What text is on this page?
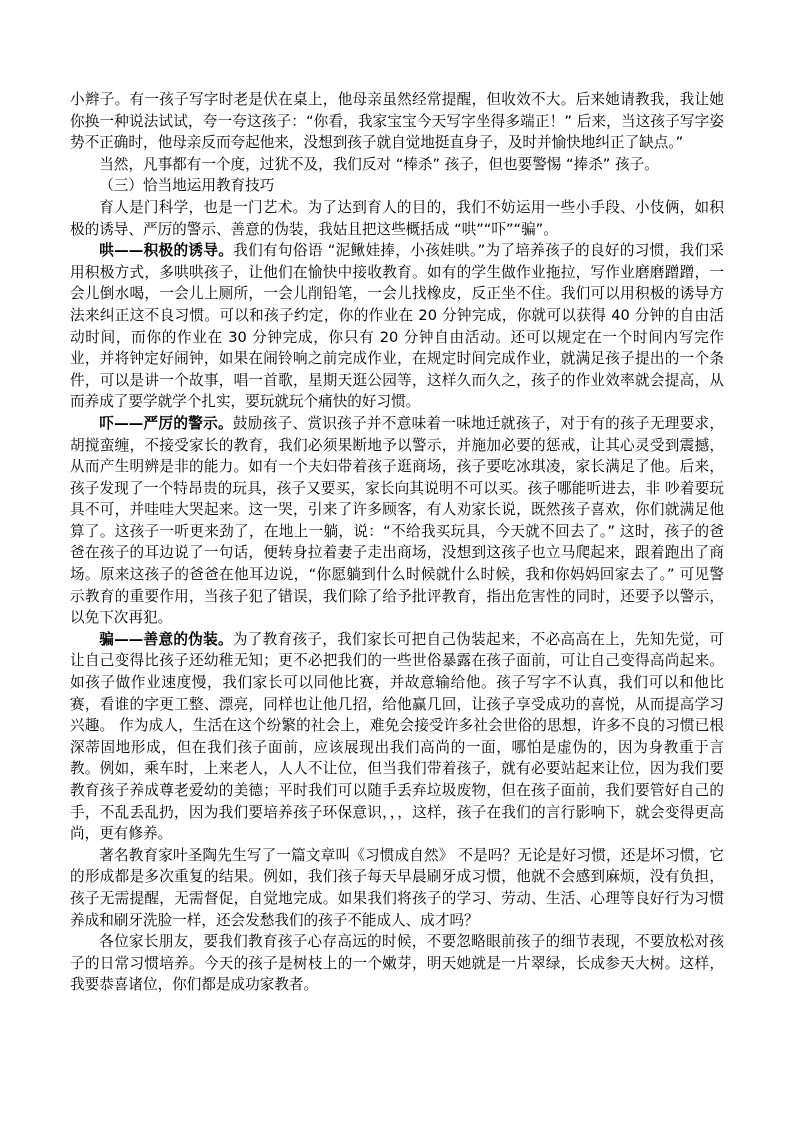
小辫子。有一孩子写字时老是伏在桌上，他母亲虽然经常提醒，但收效不大。后来她请教我，我让她你换一种说法试试，夸一夸这孩子：“你看，我家宝宝今天写字坐得多端正！” 后来，当这孩子写字姿势不正确时，他母亲反而夸起他来，没想到孩子就自觉地挺直身子，及时并愉快地纠正了缺点。”

当然，凡事都有一个度，过犹不及，我们反对 “棒杀” 孩子，但也要警惕 “捧杀” 孩子。

（三）恰当地运用教育技巧

育人是门科学，也是一门艺术。为了达到育人的目的，我们不妨运用一些小手段、小伎俩，如积极的诱导、严厉的警示、善意的伪装，我姑且把这些概括成 “哄”“吓”“骗”。

哄——积极的诱导。我们有句俗语 “泥鳅娃捧，小孩娃哄。”为了培养孩子的良好的习惯，我们采用积极方式，多哄哄孩子，让他们在愉快中接收教育。如有的学生做作业拖拉，写作业磨磨蹭蹭，一会儿倒水喝，一会儿上厕所，一会儿削铅笔，一会儿找橡皮，反正坐不住。我们可以用积极的诱导方法来纠正这不良习惯。可以和孩子约定，你的作业在 20 分钟完成，你就可以获得 40 分钟的自由活动时间，而你的作业在 30 分钟完成，你只有 20 分钟自由活动。还可以规定在一个时间内写完作业，并将钟定好闹钟，如果在闹铃响之前完成作业，在规定时间完成作业，就满足孩子提出的一个条件，可以是讲一个故事，唱一首歌，星期天逛公园等，这样久而久之，孩子的作业效率就会提高，从而养成了要学就学个扎实，要玩就玩个痛快的好习惯。

吓——严厉的警示。鼓励孩子、赏识孩子并不意味着一味地迁就孩子，对于有的孩子无理要求，胡搅蛮缠，不接受家长的教育，我们必须果断地予以警示，并施加必要的惩戒，让其心灵受到震撼，从而产生明辨是非的能力。如有一个夫妇带着孩子逛商场，孩子要吃冰琪凌，家长满足了他。后来，孩子发现了一个特昂贵的玩具，孩子又要买，家长向其说明不可以买。孩子哪能听进去，非 吵着要玩具不可，并哇哇大哭起来。这一哭，引来了许多顾客，有人劝家长说，既然孩子喜欢，你们就满足他算了。这孩子一听更来劲了，在地上一躺，说：“不给我买玩具，今天就不回去了。” 这时，孩子的爸爸在孩子的耳边说了一句话，便转身拉着妻子走出商场，没想到这孩子也立马爬起来，跟着跑出了商场。原来这孩子的爸爸在他耳边说，“你愿躺到什么时候就什么时候，我和你妈妈回家去了。” 可见警示教育的重要作用，当孩子犯了错误，我们除了给予批评教育，指出危害性的同时，还要予以警示，以免下次再犯。

骗——善意的伪装。为了教育孩子，我们家长可把自己伪装起来，不必高高在上，先知先觉，可让自己变得比孩子还幼稚无知；更不必把我们的一些世俗暴露在孩子面前，可让自己变得高尚起来。如孩子做作业速度慢，我们家长可以同他比赛，并故意输给他。孩子写字不认真，我们可以和他比赛，看谁的字更工整、漂亮，同样也让他几招，给他赢几回，让孩子享受成功的喜悦，从而提高学习兴趣。 作为成人，生活在这个纷繁的社会上，难免会接受许多社会世俗的思想，许多不良的习惯已根深蒂固地形成，但在我们孩子面前，应该展现出我们高尚的一面，哪怕是虚伪的，因为身教重于言教。例如，乘车时，上来老人，人人不让位，但当我们带着孩子，就有必要站起来让位，因为我们要教育孩子养成尊老爱幼的美德；平时我们可以随手丢弃垃圾废物，但在孩子面前，我们要管好自己的手，不乱丢乱扔，因为我们要培养孩子环保意识，，，这样，孩子在我们的言行影响下，就会变得更高尚，更有修养。

著名教育家叶圣陶先生写了一篇文章叫《习惯成自然》 不是吗？无论是好习惯，还是坏习惯，它的形成都是多次重复的结果。例如，我们孩子每天早晨刷牙成习惯，他就不会感到麻烦，没有负担，孩子无需提醒，无需督促，自觉地完成。如果我们将孩子的学习、劳动、生活、心理等良好行为习惯养成和刷牙洗脸一样，还会发愁我们的孩子不能成人、成才吗？

各位家长朋友，要我们教育孩子心存高远的时候，不要忽略眼前孩子的细节表现，不要放松对孩子的日常习惯培养。今天的孩子是树枝上的一个嫩芽，明天她就是一片翠绿，长成参天大树。这样，我要恭喜诸位，你们都是成功家教者。
